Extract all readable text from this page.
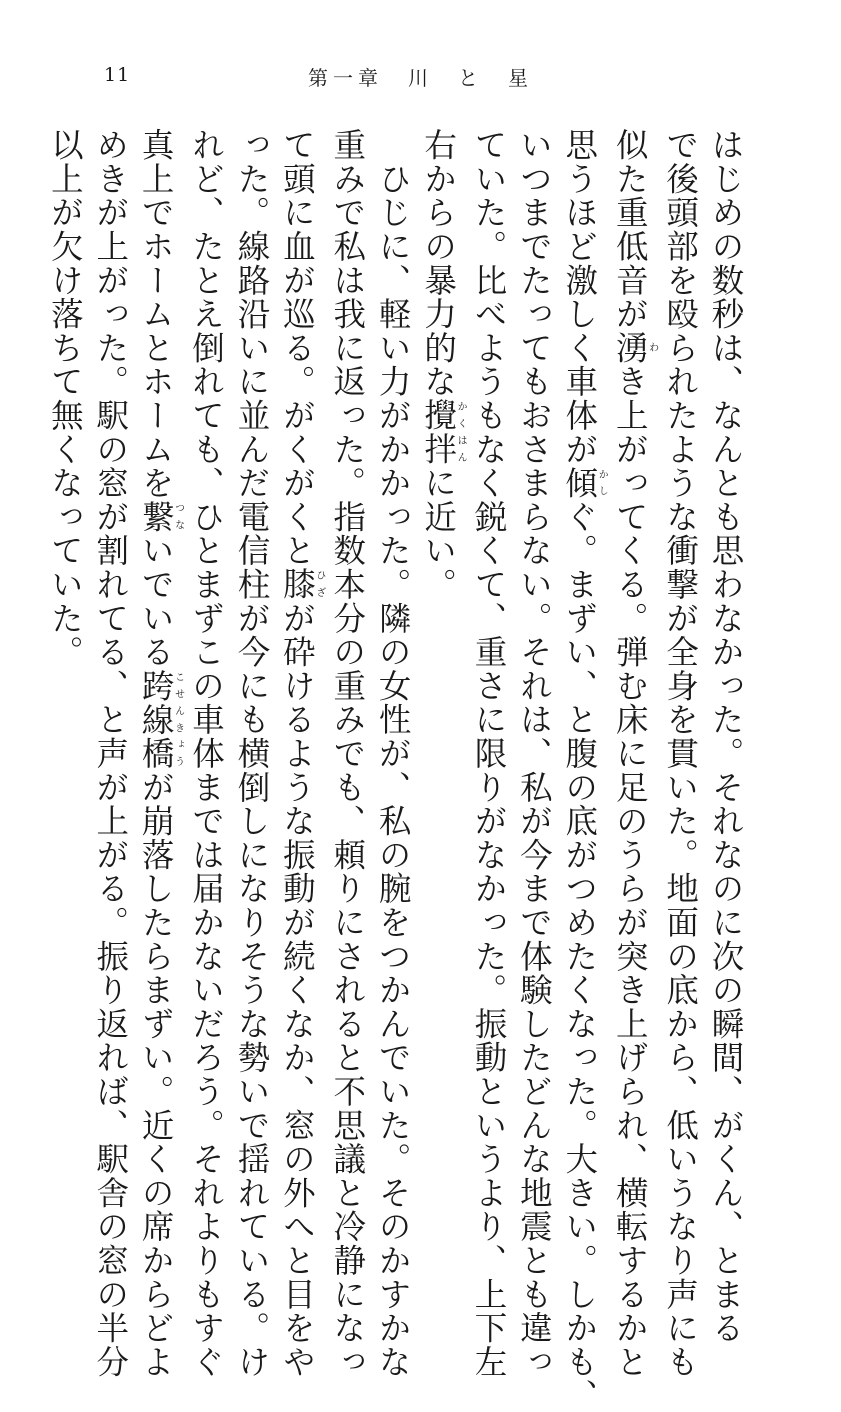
11	第一章　川　と　星
はじめの数秒は、なんとも思わなかった。それなのに次の瞬間、がくん、とまる
で後頭部を殴られたような衝撃が全身を貫いた。地面の底から、低いうなり声にも
似た重低音が湧わき上がってくる。弾む床に足のうらが突き上げられ、横転するかと
思うほど激しく車体が傾かしぐ。まずい、と腹の底がつめたくなった。大きい。しかも、
いつまでたってもおさまらない。それは、私が今まで体験したどんな地震とも違っ
ていた。比べようもなく鋭くて、重さに限りがなかった。振動というより、上下左
右からの暴力的な攪拌かくはんに近い。
　ひじに、軽い力がかかった。隣の女性が、私の腕をつかんでいた。そのかすかな
重みで私は我に返った。指数本分の重みでも、頼りにされると不思議と冷静になっ
て頭に血が巡る。がくがくと膝ひざが砕けるような振動が続くなか、窓の外へと目をや
った。線路沿いに並んだ電信柱が今にも横倒しになりそうな勢いで揺れている。け
れど、たとえ倒れても、ひとまずこの車体までは届かないだろう。それよりもすぐ
真上でホームとホームを繋つないでいる跨線橋こせんきょうが崩落したらまずい。近くの席からどよ
めきが上がった。駅の窓が割れてる、と声が上がる。振り返れば、駅舎の窓の半分
以上が欠け落ちて無くなっていた。
